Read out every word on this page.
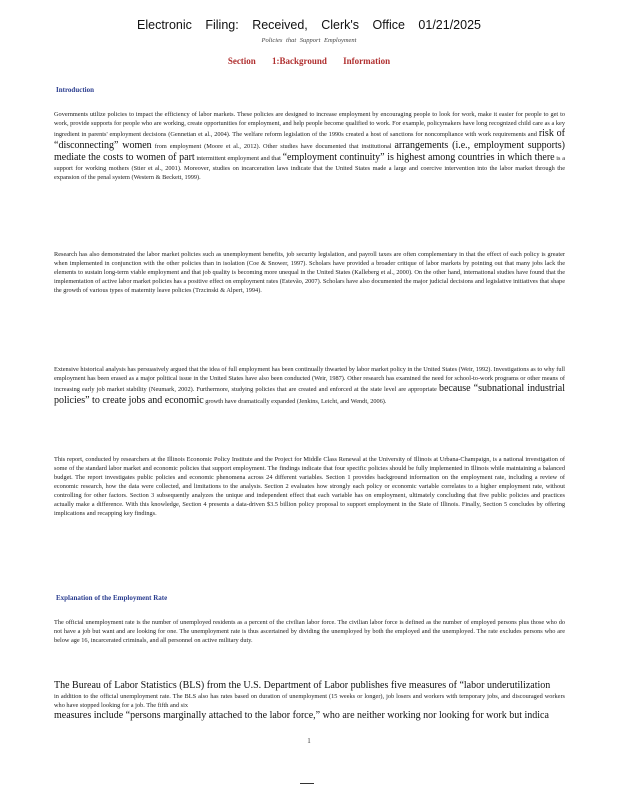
Electronic Filing: Received, Clerk's Office 01/21/2025
Policies that Support Employment
Section 1:Background Information
Introduction
Governments utilize policies to impact the efficiency of labor markets. These policies are designed to increase employment by encouraging people to look for work, make it easier for people to get to work, provide supports for people who are working, create opportunities for employment, and help people become qualified to work. For example, policymakers have long recognized child care as a key ingredient in parents' employment decisions (Gennetian et al., 2004). The welfare reform legislation of the 1990s created a host of sanctions for noncompliance with work requirements and risk of “disconnecting” women from employment (Moore et al., 2012). Other studies have documented that institutional arrangements (i.e., employment supports) mediate the costs to women of part intermittent employment and that “employment continuity” is highest among countries in which there is a support for working mothers (Stier et al., 2001). Moreover, studies on incarceration laws indicate that the United States made a large and coercive intervention into the labor market through the expansion of the penal system (Western & Beckett, 1999).
Research has also demonstrated the labor market policies such as unemployment benefits, job security legislation, and payroll taxes are often complementary in that the effect of each policy is greater when implemented in conjunction with the other policies than in isolation (Coe & Snower, 1997). Scholars have provided a broader critique of labor markets by pointing out that many jobs lack the elements to sustain long-term viable employment and that job quality is becoming more unequal in the United States (Kalleberg et al., 2000). On the other hand, international studies have found that the implementation of active labor market policies has a positive effect on employment rates (Estevão, 2007). Scholars have also documented the major judicial decisions and legislative initiatives that shape the growth of various types of maternity leave policies (Trzcinski & Alpert, 1994).
Extensive historical analysis has persuasively argued that the idea of full employment has been continually thwarted by labor market policy in the United States (Weir, 1992). Investigations as to why full employment has been erased as a major political issue in the United States have also been conducted (Weir, 1987). Other research has examined the need for school-to-work programs or other means of increasing early job market stability (Neumark, 2002). Furthermore, studying policies that are created and enforced at the state level are appropriate because “subnational industrial policies” to create jobs and economic growth have dramatically expanded (Jenkins, Leicht, and Wendt, 2006).
This report, conducted by researchers at the Illinois Economic Policy Institute and the Project for Middle Class Renewal at the University of Illinois at Urbana-Champaign, is a national investigation of some of the standard labor market and economic policies that support employment. The findings indicate that four specific policies should be fully implemented in Illinois while maintaining a balanced budget. The report investigates public policies and economic phenomena across 24 different variables. Section 1 provides background information on the employment rate, including a review of economic research, how the data were collected, and limitations to the analysis. Section 2 evaluates how strongly each policy or economic variable correlates to a higher employment rate, without controlling for other factors. Section 3 subsequently analyzes the unique and independent effect that each variable has on employment, ultimately concluding that five public policies and practices actually make a difference. With this knowledge, Section 4 presents a data-driven $3.5 billion policy proposal to support employment in the State of Illinois. Finally, Section 5 concludes by offering implications and recapping key findings.
Explanation of the Employment Rate
The official unemployment rate is the number of unemployed residents as a percent of the civilian labor force. The civilian labor force is defined as the number of employed persons plus those who do not have a job but want and are looking for one. The unemployment rate is thus ascertained by dividing the unemployed by both the employed and the unemployed. The rate excludes persons who are below age 16, incarcerated criminals, and all personnel on active military duty.
The Bureau of Labor Statistics (BLS) from the U.S. Department of Labor publishes five measures of “labor underutilization
in addition to the official unemployment rate. The BLS also has rates based on duration of unemployment (15 weeks or longer), job losers and workers with temporary jobs, and discouraged workers who have stopped looking for a job. The fifth and six
measures include “persons marginally attached to the labor force,” who are neither working nor looking for work but indica
1
